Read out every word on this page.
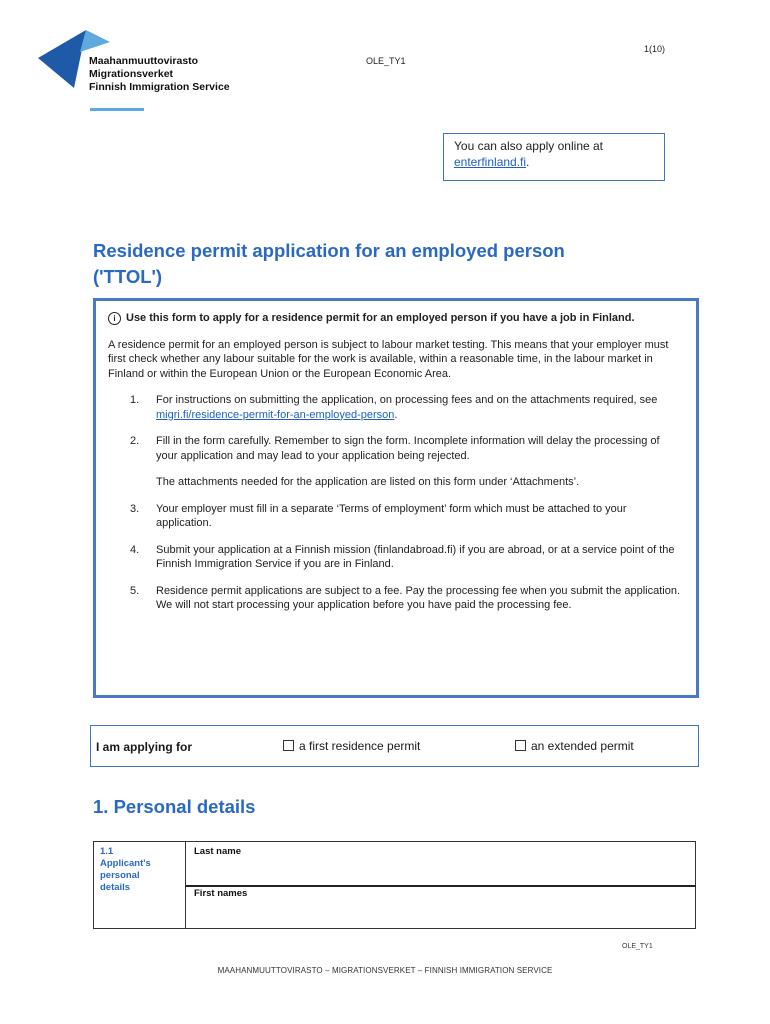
Maahanmuuttovirasto
Migrationsverket
Finnish Immigration Service
OLE_TY1
1(10)
You can also apply online at
enterfinland.fi.
Residence permit application for an employed person
('TTOL')

i Use this form to apply for a residence permit for an employed person if you have a job in Finland.

A residence permit for an employed person is subject to labour market testing. This means that your employer must first check whether any labour suitable for the work is available, within a reasonable time, in the labour market in Finland or within the European Union or the European Economic Area.

1. For instructions on submitting the application, on processing fees and on the attachments required, see migri.fi/residence-permit-for-an-employed-person.
2. Fill in the form carefully. Remember to sign the form. Incomplete information will delay the processing of your application and may lead to your application being rejected.

The attachments needed for the application are listed on this form under ‘Attachments’.

3. Your employer must fill in a separate ‘Terms of employment’ form which must be attached to your application.
4. Submit your application at a Finnish mission (finlandabroad.fi) if you are abroad, or at a service point of the Finnish Immigration Service if you are in Finland.
5. Residence permit applications are subject to a fee. Pay the processing fee when you submit the application. We will not start processing your application before you have paid the processing fee.
I am applying for	a first residence permit	an extended permit
1. Personal details
1.1
Applicant's
personal
details
Last name
First names
OLE_TY1
MAAHANMUUTTOVIRASTO – MIGRATIONSVERKET – FINNISH IMMIGRATION SERVICE
